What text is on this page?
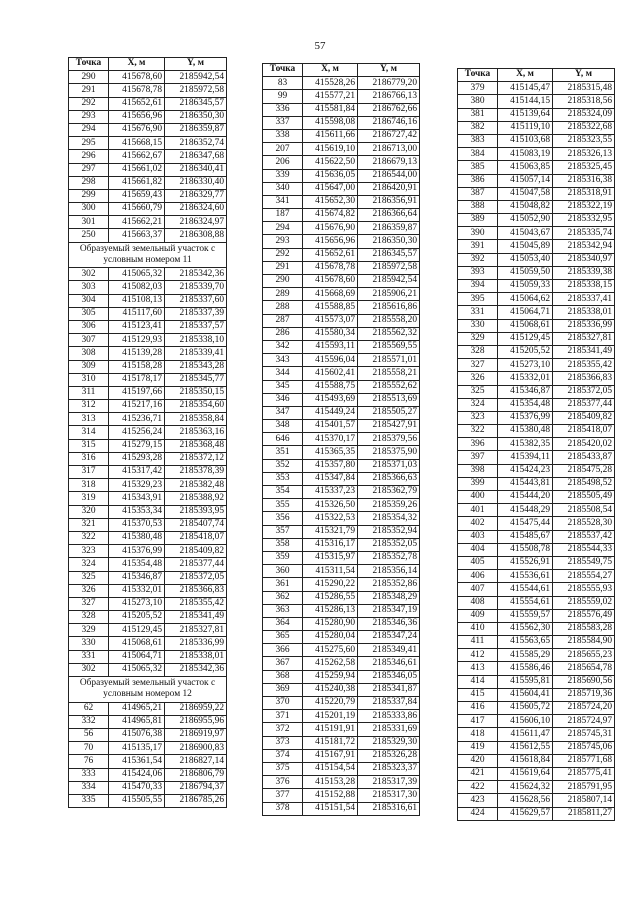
57
Точка	X, м	Y, м
290	415678,60	2185942,54
291	415678,78	2185972,58
292	415652,61	2186345,57
293	415656,96	2186350,30
294	415676,90	2186359,87
295	415668,15	2186352,74
296	415662,67	2186347,68
297	415661,02	2186340,41
298	415661,82	2186330,40
299	415659,43	2186329,77
300	415660,79	2186324,60
301	415662,21	2186324,97
250	415663,37	2186308,88
Образуемый земельный участок с условным номером 11		
302	415065,32	2185342,36
303	415082,03	2185339,70
304	415108,13	2185337,60
305	415117,60	2185337,39
306	415123,41	2185337,57
307	415129,93	2185338,10
308	415139,28	2185339,41
309	415158,28	2185343,28
310	415178,17	2185345,77
311	415197,66	2185350,15
312	415217,16	2185354,60
313	415236,71	2185358,84
314	415256,24	2185363,16
315	415279,15	2185368,48
316	415293,28	2185372,12
317	415317,42	2185378,39
318	415329,23	2185382,48
319	415343,91	2185388,92
320	415353,34	2185393,95
321	415370,53	2185407,74
322	415380,48	2185418,07
323	415376,99	2185409,82
324	415354,48	2185377,44
325	415346,87	2185372,05
326	415332,01	2185366,83
327	415273,10	2185355,42
328	415205,52	2185341,49
329	415129,45	2185327,81
330	415068,61	2185336,99
331	415064,71	2185338,01
302	415065,32	2185342,36
Образуемый земельный участок с условным номером 12		
62	414965,21	2186959,22
332	414965,81	2186955,96
56	415076,38	2186919,97
70	415135,17	2186900,83
76	415361,54	2186827,14
333	415424,06	2186806,79
334	415470,33	2186794,37
335	415505,55	2186785,26
Точка	X, м	Y, м
83	415528,26	2186779,20
99	415577,21	2186766,13
336	415581,84	2186762,66
337	415598,08	2186746,16
338	415611,66	2186727,42
207	415619,10	2186713,00
206	415622,50	2186679,13
339	415636,05	2186544,00
340	415647,00	2186420,91
341	415652,30	2186356,91
187	415674,82	2186366,64
294	415676,90	2186359,87
293	415656,96	2186350,30
292	415652,61	2186345,57
291	415678,78	2185972,58
290	415678,60	2185942,54
289	415668,69	2185906,21
288	415588,85	2185616,86
287	415573,07	2185558,20
286	415580,34	2185562,32
342	415593,11	2185569,55
343	415596,04	2185571,01
344	415602,41	2185558,21
345	415588,75	2185552,62
346	415493,69	2185513,69
347	415449,24	2185505,27
348	415401,57	2185427,91
646	415370,17	2185379,56
351	415365,35	2185375,90
352	415357,80	2185371,03
353	415347,84	2185366,63
354	415337,23	2185362,79
355	415326,50	2185359,26
356	415322,53	2185354,32
357	415321,79	2185352,94
358	415316,17	2185352,05
359	415315,97	2185352,78
360	415311,54	2185356,14
361	415290,22	2185352,86
362	415286,55	2185348,29
363	415286,13	2185347,19
364	415280,90	2185346,36
365	415280,04	2185347,24
366	415275,60	2185349,41
367	415262,58	2185346,61
368	415259,94	2185346,05
369	415240,38	2185341,87
370	415220,79	2185337,84
371	415201,19	2185333,86
372	415191,91	2185331,69
373	415181,72	2185329,30
374	415167,91	2185326,28
375	415154,54	2185323,37
376	415153,28	2185317,39
377	415152,88	2185317,30
378	415151,54	2185316,61
Точка	X, м	Y, м
379	415145,47	2185315,48
380	415144,15	2185318,56
381	415139,64	2185324,09
382	415119,10	2185322,68
383	415103,68	2185323,55
384	415083,19	2185326,13
385	415063,85	2185325,45
386	415057,14	2185316,38
387	415047,58	2185318,91
388	415048,82	2185322,19
389	415052,90	2185332,95
390	415043,67	2185335,74
391	415045,89	2185342,94
392	415053,40	2185340,97
393	415059,50	2185339,38
394	415059,33	2185338,15
395	415064,62	2185337,41
331	415064,71	2185338,01
330	415068,61	2185336,99
329	415129,45	2185327,81
328	415205,52	2185341,49
327	415273,10	2185355,42
326	415332,01	2185366,83
325	415346,87	2185372,05
324	415354,48	2185377,44
323	415376,99	2185409,82
322	415380,48	2185418,07
396	415382,35	2185420,02
397	415394,11	2185433,87
398	415424,23	2185475,28
399	415443,81	2185498,52
400	415444,20	2185505,49
401	415448,29	2185508,54
402	415475,44	2185528,30
403	415485,67	2185537,42
404	415508,78	2185544,33
405	415526,91	2185549,75
406	415536,61	2185554,27
407	415544,61	2185555,93
408	415554,61	2185559,02
409	415559,57	2185576,49
410	415562,30	2185583,28
411	415563,65	2185584,90
412	415585,29	2185655,23
413	415586,46	2185654,78
414	415595,81	2185690,56
415	415604,41	2185719,36
416	415605,72	2185724,20
417	415606,10	2185724,97
418	415611,47	2185745,31
419	415612,55	2185745,06
420	415618,84	2185771,68
421	415619,64	2185775,41
422	415624,32	2185791,95
423	415628,56	2185807,14
424	415629,57	2185811,27
